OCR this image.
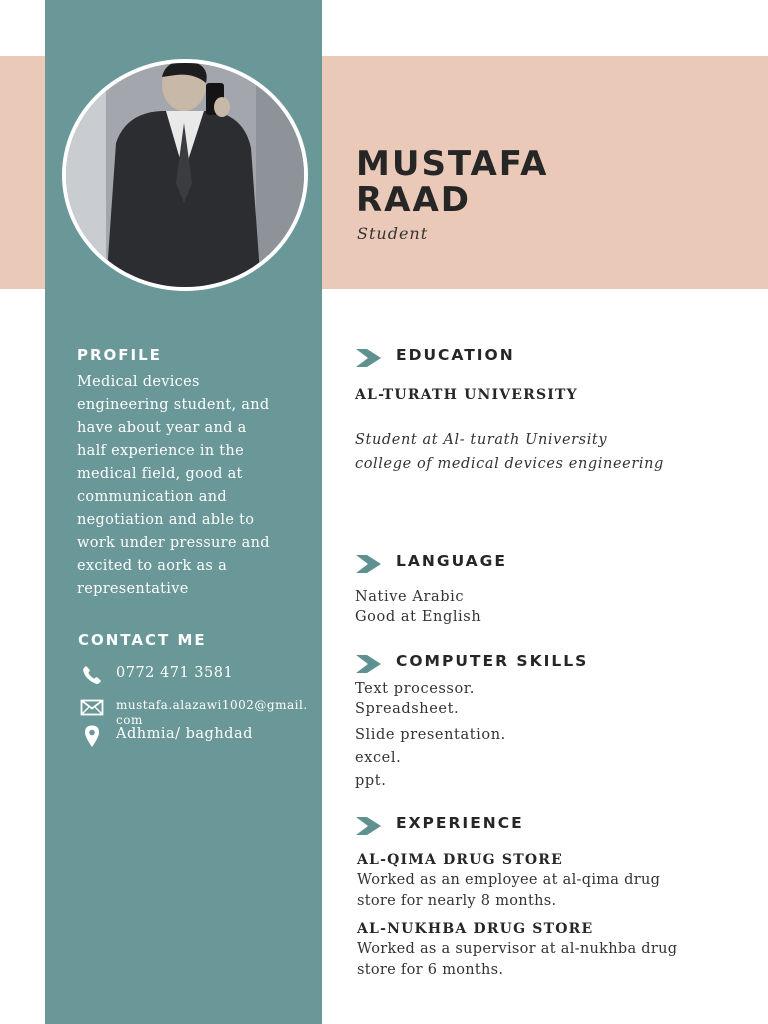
MUSTAFA
RAAD
Student
PROFILE
Medical devices
engineering student, and
have about year and a
half experience in the
medical field, good at
communication and
negotiation and able to
work under pressure and
excited to aork as a
representative
CONTACT ME
0772 471 3581
mustafa.alazawi1002@gmail.com
Adhmia/ baghdad
EDUCATION
AL-TURATH UNIVERSITY
Student at Al- turath University
college of medical devices engineering
LANGUAGE
Native Arabic
Good at English
COMPUTER SKILLS
Text processor.
Spreadsheet.
Slide presentation.
excel.
ppt.
EXPERIENCE
AL-QIMA DRUG STORE
Worked as an employee at al-qima drug
store for nearly 8 months.
AL-NUKHBA DRUG STORE
Worked as a supervisor at al-nukhba drug
store for 6 months.
